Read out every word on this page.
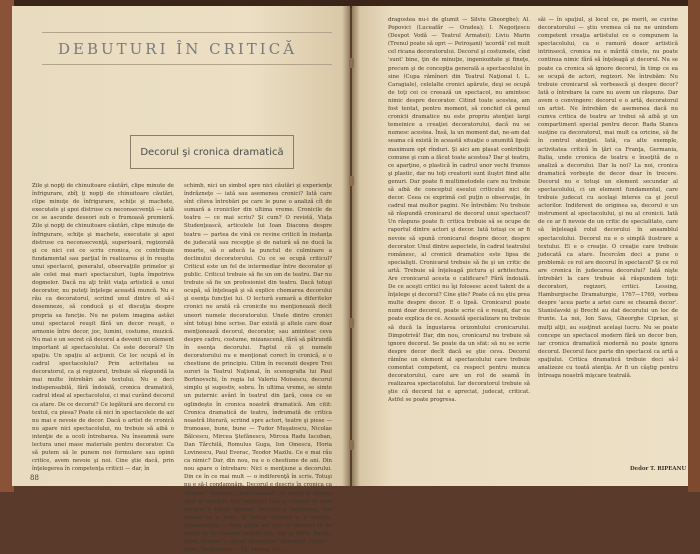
DEBUTURI ÎN CRITICĂ
Decorul şi cronica dramatică

Zile şi nopţi de chinuitoare căutări, clipe minute de înfrigurare, zbîţ ţi nopţi de chinuitoare căutări, clipe minuţe de înfrigurare, schiţe şi machete, executate şi apoi distruse cu neconsecvenţă — iată ce se ascunde deseori sub o frumoasă premieră. Zile şi nopţi de chinuitoare căutări, clipe minuţe de înfrigurare, schiţe şi machete, executate şi apoi distruse cu neconsecvenţă, superioară, regizorală şi ce nici cei ce scriu cronica, ce contribuie fundamental sau parţial în realizarea şi în reuşita unui spectacol, generalul, observaţiile primelor şi ale celei mai mari spectaculuri, lupta împotriva dogmelor. Dacă nu aţi trăit viaţa artistică a unui decorator, nu puteţi înţelege această muncă. Nu e rău ca decoratorul, scriind unul dintre el să-l desemneze, să conducă şi el discuţia despre propria sa funcţie. Nu ne putem imagina astăzi unui spectacol reuşit fără un decor reuşit, o armonie între decor, joc, lumini, costume, muzică. Nu mai e un secret că decorul a devenit un element important al spectacolului. Ce este decorul? Un spaţiu. Un spaţiu al acţiunii. Ce loc ocupă el în cadrul spectacolului? Prin activitatea sa decoratorul, ca şi regizorul, trebuie să răspundă la mai multe întrebări ale textului. Nu e deci indispensabilă, fără îndoială, cronica dramatică, cadrul ideal al spectacolului, ci mai curând decorul ca atare. De ce decorul? Ce legătură are decorul cu textul, cu piesa? Poate că nici în spectacolele de azi nu mai e nevoie de decor. Dacă o artist de cronică nu apare nici spectacolului, nu trebuie să aibă o intenţie de a ocoli întrebarea. Nu înseamnă oare lectura unei mase materiale pentru decorator. Ca să putem să le punem noi formulare sau opinii critice, avem nevoie şi noi. Cine ştie dacă, prin înţelegerea în competenţa criticii — dar, în

schimb, nici un simbol spre nici căutări şi experienţe îndrăzneţe — iată sau asemenea cronici? Iată care sînt cîteva întrebări pe care le pune o analiză cît de sumară a cronicilor din ultima vreme. Cronicile de teatru — ce mai scriu? Şi cum? O revistă, Viaţa Studenţească, articolele lui Ioan Diaconu despre teatru — partea de vină ce revine criticii în instanţa de judecată sau recepţie şi de natură să ne ducă la moarte, să o aducă la punctul de culminare a declinului decoratorului. Cu ce se ocupă criticul? Criticul este un fel de intermediar între decorator şi public. Criticul trebuie să fie un om de teatru. Dar nu trebuie să fie un profesionist din teatru. Dacă totuşi ocupă, să înţeleagă şi să explice chemarea decorului şi esenţa funcţiei lui. O lectură sumară a diferitelor cronici ne arată că cronicile nu menţionează decît uneori numele decoratorului. Unele dintre cronici sînt totuşi bine scrise. Dar există şi altele care doar menţionează decorul, decorator, sau amintesc ceva despre cadru, costume, mizanscenă, fără să pătrundă în esenţa decorului. Faptul că şi numele decoratorului nu e menţionat corect în cronică, e o chestiune de principiu. Citim în recenzii despre Trei surori la Teatrul Naţional, în scenografia lui Paul Bortnovschi, în regia lui Valeriu Moisescu, decorul simplu şi sugestiv, sobru. În ultima vreme, se simte un puternic avânt în teatrul din ţară, ceea ce se oglindeşte în cronica noastră dramatică. Am citit: Cronica dramatică de teatru, îndrumată de critica noastră literară, scriind spre actori, teatre şi piese — frumoase, bune, bune — Tudor Muşatescu, Nicolae Bălcescu, Mircea Ştefănescu, Mircea Radu Iacoban, Dan Tărchilă, Romulus Guga, Ion Omescu, Horia Lovinescu, Paul Everac, Teodor Mazilu. Ce e mai rău ca nimic? Dar, din nou, nu e o chestiune de ani. Din nou apare o întrebare: Nici o menţiune a decorului. Din ce în ce mai mult — o indiferenţă în scris. Totuşi nu e să-l condamnăm. Decorul e descris în cronica ca 'frumos', 'sugestiv', 'bine realizat', de obicei în ultimul rînd al cronicii. Dar decorul? Iată o cronică în care decorul e totuşi ignorat. Decorul e menţionat, dar numai ca o notă. Şi totuşi decorul e o creaţie. Dramaturgia — Prea puţin am citit ca decorul să fie tratat ca un element artistic viu, Iaşi şi Sibiu, Bacău, Deva, Braşov — decor, decorator, 'Adevărul' (Scris — Sibiu, Înviforarea — Tg. Mureş, Ca...

88

dragostea nu-i de glumit — Silviu Gheorghe); Al. Popovici (Luceafăr — Oradea); I. Negoiţescu (Despot Vodă — Teatrul Armatei); Liviu Marin (Trenul poate să opri — Petroşani) 'acordă' cel mult cel ricana decoratorului. Decorul şi costumele, cînd 'sunt' bine, ţin de minuţie, ingeniozitate şi fineţe, precum şi de concepţia generală a spectacolului în sine (Cupa rămîneri din Teatrul Naţional I. L. Caragiale), celelalte cronici apărute, deşi se ocupă de toţi cei ce creează un spectacol, nu amintesc nimic despre decorator. Citind toate acestea, am fost tentat, pentru moment, să conchid că genul cronicii dramatice nu este propriu atenţiei largi temeinice a creaţiei decoratorului, dacă nu se numesc acestea. Însă, la un moment dat, ne-am dat seama că există în această situaţie o anumită lipsă: maximum opt rînduri. Şi aici am plasat contribuţii comune şi cum a făcut toate acestea? Dar şi teatru, ce aparţine, o plastică în cadrul unor vechi frumos şi plastic, dar nu toţi creatorii sunt iluştri fiind alte genuri. Dar poate fi multimetodele care nu trebuie să aibă de conceptul eseului criticului nici de decor. Ceea ce exprimă cel puţin o observaţie, în cadrul mai multor pagini. Ne întrebăm: Nu trebuie să răspundă cronicarul de decorul unui spectacol? Un răspuns poate fi: critica trebuie să se ocupe de raportul dintre actori şi decor. Iată totuşi ce ar fi nevoie să spună cronicarul despre decor, despre decorator. Unul dintre aspectele, în cadrul teatrului românesc, al cronicii dramatice este lipsa de specialişti. Cronicarul trebuie să fie şi un critic de artă. Trebuie să înţeleagă pictura şi arhitectura. Are cronicarul acesta o calificare? Fără îndoială. De ce aceşti critici nu îşi folosesc acest talent de a înţelege şi decorul? Cine ştie? Poate că nu ştiu prea multe despre decor. E o lipsă. Cronicarul poate numi doar decorul, poate scrie că e reuşit, dar nu poate explica de ce. Această specializare nu trebuie să ducă la îngustarea orizontului cronicarului. Dimpotrivă! Dar, din nou, cronicarul nu trebuie să ignore decorul. Se poate da un sfat: să nu se scrie despre decor decît dacă se ştie ceva. Decorul rămîne un element al spectacolului care trebuie comentat competent, cu respect pentru munca decoratorului, care are un rol de seamă în realizarea spectacolului. Iar decoratorul trebuie să ştie că decorul lui e apreciat, judecat, criticat. Astfel se poate progresa.

săi — în spaţiul, şi locul ce, pe merit, se cuvine decoratorului — ştiu vremea că nu ne unindem competent creaţia artistului ce o compunem la spectacolului, ca o ramură doaor artistică intrinsecă, cronica nu e mărită cinste, nu poate continua nimic fără să înţeleagă şi decorul. Nu se poate ca cronica să ignore decorul, în timp ce ea se ocupă de actori, regizori. Ne întrebăm: Nu trebuie cronicarul să vorbească şi despre decor? Iată o întrebare la care nu avem un răspuns. Dar avem o convingere: decorul e o artă, decoratorul un artist. Ne întrebăm de asemenea dacă nu cumva critica de teatru ar trebui să aibă şi un compartiment special pentru decor. Rada Stanca susţine ca decoratorul, mai mult ca oricine, să fie în centrul atenţiei. Iată, ca alte exemple, activitatea critică în ţări ca Franţa, Germania, Italia, unde cronica de teatru e însoţită de o analiză a decorului. Dar la noi? La noi, cronica dramatică vorbeşte de decor doar în trecere. Decorul nu e totuşi un element secundar al spectacolului, ci un element fundamental, care trebuie judecat cu acelaşi interes ca şi jocul actorilor. Indiferent de originea sa, decorul e un instrument al spectacolului, şi nu al cronicii. Iată de ce ar fi nevoie de un critic de specialitate, care să înţeleagă rolul decorului în ansamblul spectacolului. Decorul nu e o simplă ilustrare a textului. El e o creaţie. O creaţie care trebuie judecată ca atare. Încercăm deci a pune o problemă: ce rol are decorul în spectacol? Şi ce rol are cronica în judecarea decorului? Iată nişte întrebări la care trebuie să răspundem toţi: decoratori, regizori, critici. Lessing, Hamburgische Dramaturgie, 1767—1769, vorbea despre 'acea parte a artei care se cheamă decor'. Stanislavski şi Brecht au dat decorului un loc de frunte. La noi, Ion Sava, Gheorghe Ciprian, şi mulţi alţii, au susţinut acelaşi lucru. Nu se poate concepe un spectacol modern fără un decor bun, iar cronica dramatică modernă nu poate ignora decorul. Decorul face parte din spectacol ca artă a spaţiului. Critica dramatică trebuie deci să-l analizeze cu toată atenţia. Ar fi un câştig pentru întreaga noastră mişcare teatrală.

Dedor T. RIPEANU
